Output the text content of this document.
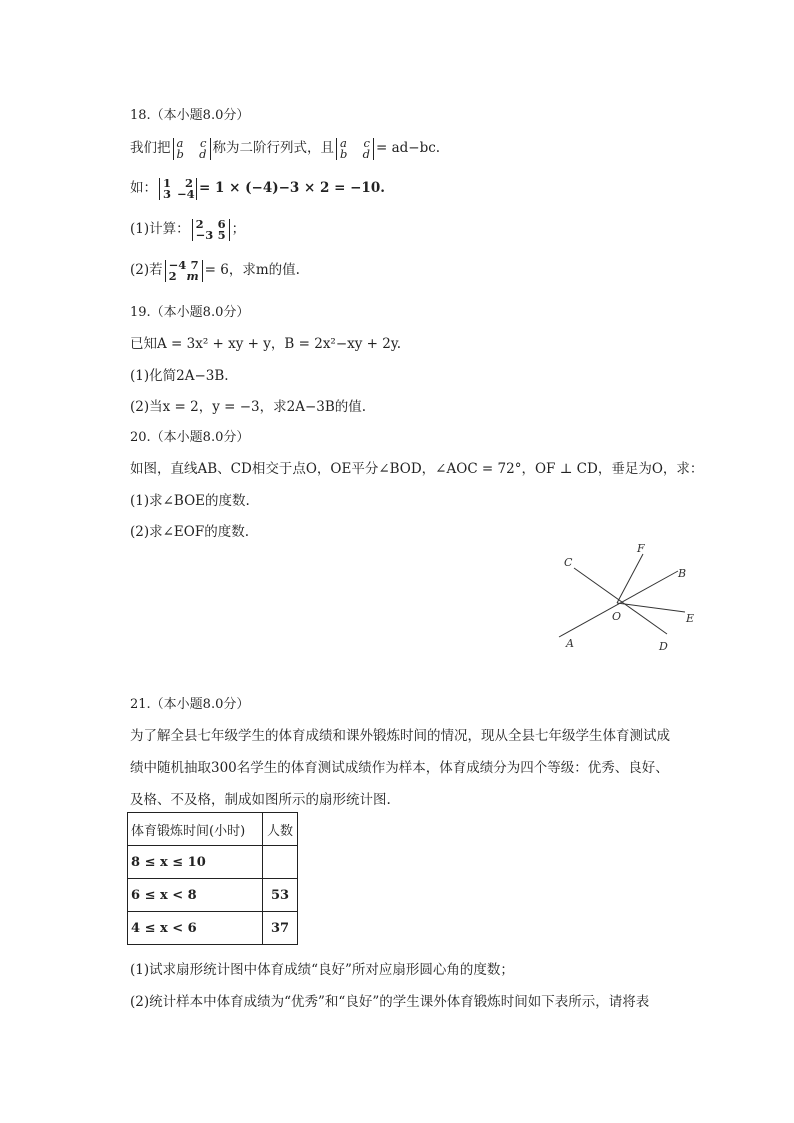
18.（本小题8.0分）
我们把 a c
b d 称为二阶行列式，且 a c
b d = ad−bc.
如： 1 2
3 −4 = 1 × (−4)−3 × 2 = −10.
(1)计算： 2 6
−3 5 ；
(2)若 −4 7
2 m = 6，求m的值.
19.（本小题8.0分）
已知A = 3x² + xy + y，B = 2x²−xy + 2y.
(1)化简2A−3B.
(2)当x = 2，y = −3，求2A−3B的值.
20.（本小题8.0分）
如图，直线AB、CD相交于点O，OE平分∠BOD，∠AOC = 72°，OF ⊥ CD，垂足为O，求：
(1)求∠BOE的度数.
(2)求∠EOF的度数.
C
F
B
O	E
A	D
21.（本小题8.0分）
为了解全县七年级学生的体育成绩和课外锻炼时间的情况，现从全县七年级学生体育测试成
绩中随机抽取300名学生的体育测试成绩作为样本，体育成绩分为四个等级：优秀、良好、
及格、不及格，制成如图所示的扇形统计图.
体育锻炼时间(小时)	人数
8 ≤ x ≤ 10	
6 ≤ x < 8	53
4 ≤ x < 6	37
(1)试求扇形统计图中体育成绩“良好”所对应扇形圆心角的度数；
(2)统计样本中体育成绩为“优秀”和“良好”的学生课外体育锻炼时间如下表所示，请将表
